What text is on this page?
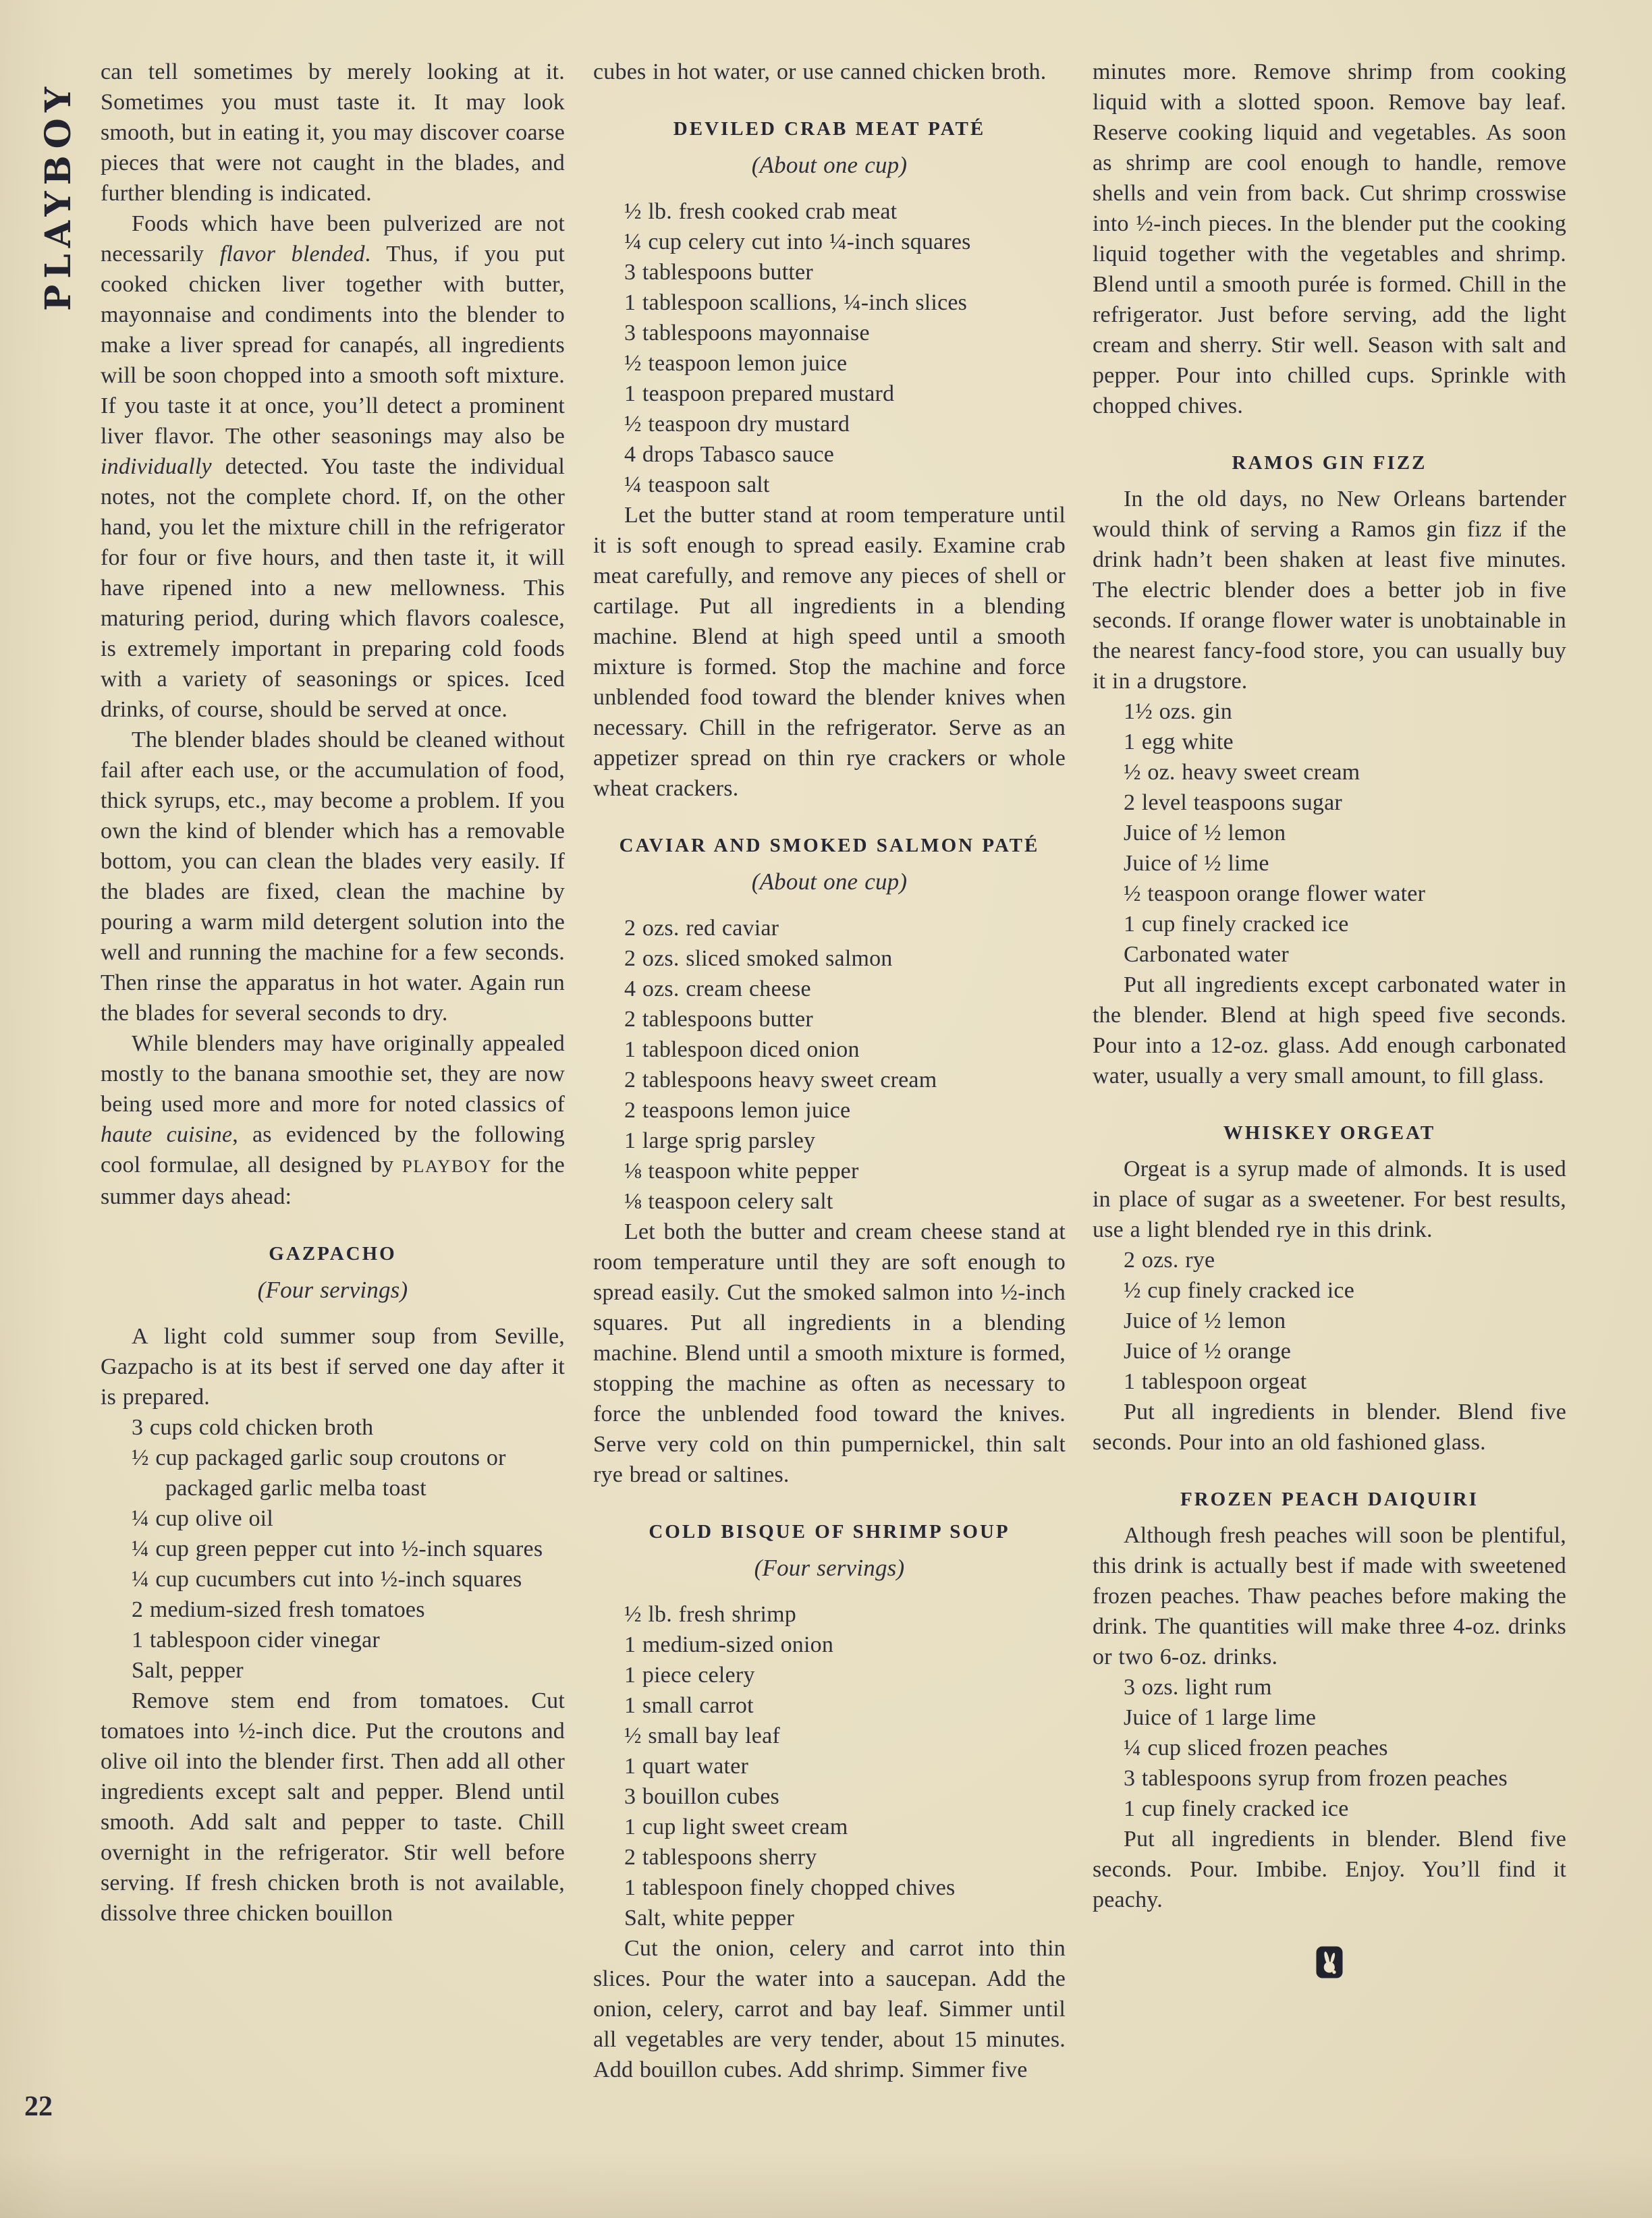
PLAYBOY
22

can tell sometimes by merely looking at it. Sometimes you must taste it. It may look smooth, but in eating it, you may discover coarse pieces that were not caught in the blades, and further blending is indicated.

Foods which have been pulverized are not necessarily flavor blended. Thus, if you put cooked chicken liver together with butter, mayonnaise and condiments into the blender to make a liver spread for canapés, all ingredients will be soon chopped into a smooth soft mixture. If you taste it at once, you’ll detect a prominent liver flavor. The other seasonings may also be individually detected. You taste the individual notes, not the complete chord. If, on the other hand, you let the mixture chill in the refrigerator for four or five hours, and then taste it, it will have ripened into a new mellowness. This maturing period, during which flavors coalesce, is extremely important in preparing cold foods with a variety of seasonings or spices. Iced drinks, of course, should be served at once.

The blender blades should be cleaned without fail after each use, or the accumulation of food, thick syrups, etc., may become a problem. If you own the kind of blender which has a removable bottom, you can clean the blades very easily. If the blades are fixed, clean the machine by pouring a warm mild detergent solution into the well and running the machine for a few seconds. Then rinse the apparatus in hot water. Again run the blades for several seconds to dry.

While blenders may have originally appealed mostly to the banana smoothie set, they are now being used more and more for noted classics of haute cuisine, as evidenced by the following cool formulae, all designed by PLAYBOY for the summer days ahead:

GAZPACHO

(Four servings)

A light cold summer soup from Seville, Gazpacho is at its best if served one day after it is prepared.

3 cups cold chicken broth
½ cup packaged garlic soup croutons or packaged garlic melba toast
¼ cup olive oil
¼ cup green pepper cut into ½-inch squares
¼ cup cucumbers cut into ½-inch squares
2 medium-sized fresh tomatoes
1 tablespoon cider vinegar
Salt, pepper

Remove stem end from tomatoes. Cut tomatoes into ½-inch dice. Put the croutons and olive oil into the blender first. Then add all other ingredients except salt and pepper. Blend until smooth. Add salt and pepper to taste. Chill overnight in the refrigerator. Stir well before serving. If fresh chicken broth is not available, dissolve three chicken bouillon

cubes in hot water, or use canned chicken broth.

DEVILED CRAB MEAT PATÉ

(About one cup)

½ lb. fresh cooked crab meat
¼ cup celery cut into ¼-inch squares
3 tablespoons butter
1 tablespoon scallions, ¼-inch slices
3 tablespoons mayonnaise
½ teaspoon lemon juice
1 teaspoon prepared mustard
½ teaspoon dry mustard
4 drops Tabasco sauce
¼ teaspoon salt

Let the butter stand at room temperature until it is soft enough to spread easily. Examine crab meat carefully, and remove any pieces of shell or cartilage. Put all ingredients in a blending machine. Blend at high speed until a smooth mixture is formed. Stop the machine and force unblended food toward the blender knives when necessary. Chill in the refrigerator. Serve as an appetizer spread on thin rye crackers or whole wheat crackers.

CAVIAR AND SMOKED SALMON PATÉ

(About one cup)

2 ozs. red caviar
2 ozs. sliced smoked salmon
4 ozs. cream cheese
2 tablespoons butter
1 tablespoon diced onion
2 tablespoons heavy sweet cream
2 teaspoons lemon juice
1 large sprig parsley
⅛ teaspoon white pepper
⅛ teaspoon celery salt

Let both the butter and cream cheese stand at room temperature until they are soft enough to spread easily. Cut the smoked salmon into ½-inch squares. Put all ingredients in a blending machine. Blend until a smooth mixture is formed, stopping the machine as often as necessary to force the unblended food toward the knives. Serve very cold on thin pumpernickel, thin salt rye bread or saltines.

COLD BISQUE OF SHRIMP SOUP

(Four servings)

½ lb. fresh shrimp
1 medium-sized onion
1 piece celery
1 small carrot
½ small bay leaf
1 quart water
3 bouillon cubes
1 cup light sweet cream
2 tablespoons sherry
1 tablespoon finely chopped chives
Salt, white pepper

Cut the onion, celery and carrot into thin slices. Pour the water into a saucepan. Add the onion, celery, carrot and bay leaf. Simmer until all vegetables are very tender, about 15 minutes. Add bouillon cubes. Add shrimp. Simmer five

minutes more. Remove shrimp from cooking liquid with a slotted spoon. Remove bay leaf. Reserve cooking liquid and vegetables. As soon as shrimp are cool enough to handle, remove shells and vein from back. Cut shrimp crosswise into ½-inch pieces. In the blender put the cooking liquid together with the vegetables and shrimp. Blend until a smooth purée is formed. Chill in the refrigerator. Just before serving, add the light cream and sherry. Stir well. Season with salt and pepper. Pour into chilled cups. Sprinkle with chopped chives.

RAMOS GIN FIZZ

In the old days, no New Orleans bartender would think of serving a Ramos gin fizz if the drink hadn’t been shaken at least five minutes. The electric blender does a better job in five seconds. If orange flower water is unobtainable in the nearest fancy-food store, you can usually buy it in a drugstore.

1½ ozs. gin
1 egg white
½ oz. heavy sweet cream
2 level teaspoons sugar
Juice of ½ lemon
Juice of ½ lime
½ teaspoon orange flower water
1 cup finely cracked ice
Carbonated water

Put all ingredients except carbonated water in the blender. Blend at high speed five seconds. Pour into a 12-oz. glass. Add enough carbonated water, usually a very small amount, to fill glass.

WHISKEY ORGEAT

Orgeat is a syrup made of almonds. It is used in place of sugar as a sweetener. For best results, use a light blended rye in this drink.

2 ozs. rye
½ cup finely cracked ice
Juice of ½ lemon
Juice of ½ orange
1 tablespoon orgeat

Put all ingredients in blender. Blend five seconds. Pour into an old fashioned glass.

FROZEN PEACH DAIQUIRI

Although fresh peaches will soon be plentiful, this drink is actually best if made with sweetened frozen peaches. Thaw peaches before making the drink. The quantities will make three 4-oz. drinks or two 6-oz. drinks.

3 ozs. light rum
Juice of 1 large lime
¼ cup sliced frozen peaches
3 tablespoons syrup from frozen peaches
1 cup finely cracked ice

Put all ingredients in blender. Blend five seconds. Pour. Imbibe. Enjoy. You’ll find it peachy.
